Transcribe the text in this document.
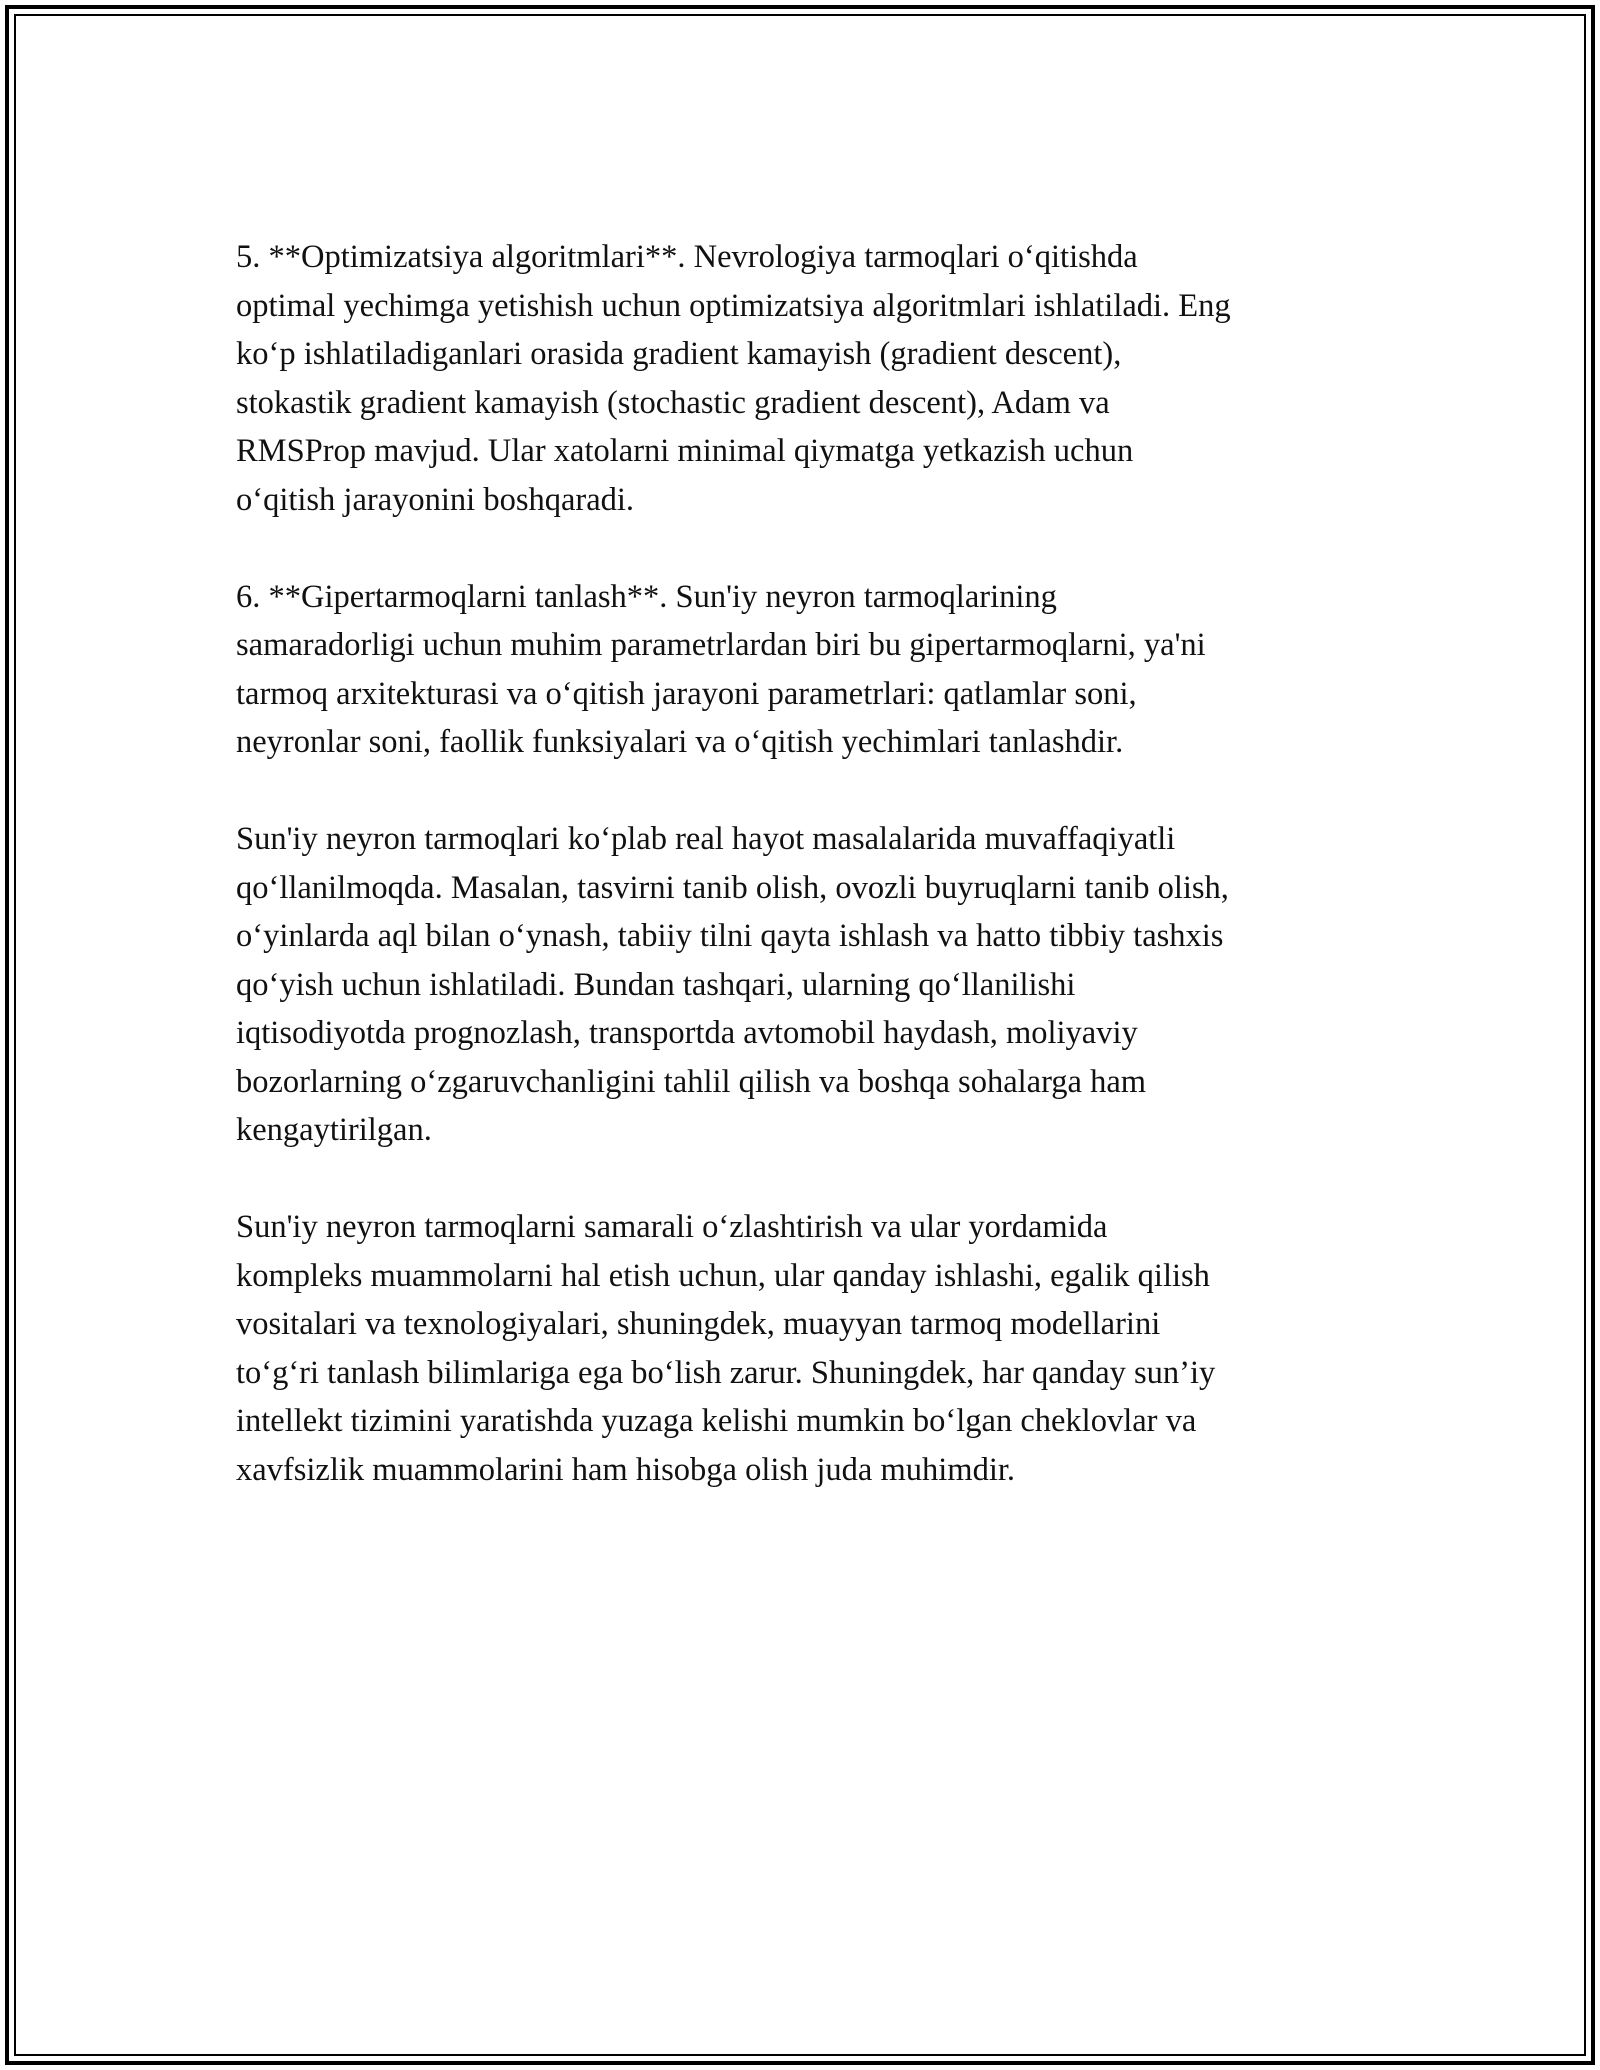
5. **Optimizatsiya algoritmlari**. Nevrologiya tarmoqlari o‘qitishda
optimal yechimga yetishish uchun optimizatsiya algoritmlari ishlatiladi. Eng
ko‘p ishlatiladiganlari orasida gradient kamayish (gradient descent),
stokastik gradient kamayish (stochastic gradient descent), Adam va
RMSProp mavjud. Ular xatolarni minimal qiymatga yetkazish uchun
o‘qitish jarayonini boshqaradi.

6. **Gipertarmoqlarni tanlash**. Sun'iy neyron tarmoqlarining
samaradorligi uchun muhim parametrlardan biri bu gipertarmoqlarni, ya'ni
tarmoq arxitekturasi va o‘qitish jarayoni parametrlari: qatlamlar soni,
neyronlar soni, faollik funksiyalari va o‘qitish yechimlari tanlashdir.

Sun'iy neyron tarmoqlari ko‘plab real hayot masalalarida muvaffaqiyatli
qo‘llanilmoqda. Masalan, tasvirni tanib olish, ovozli buyruqlarni tanib olish,
o‘yinlarda aql bilan o‘ynash, tabiiy tilni qayta ishlash va hatto tibbiy tashxis
qo‘yish uchun ishlatiladi. Bundan tashqari, ularning qo‘llanilishi
iqtisodiyotda prognozlash, transportda avtomobil haydash, moliyaviy
bozorlarning o‘zgaruvchanligini tahlil qilish va boshqa sohalarga ham
kengaytirilgan.

Sun'iy neyron tarmoqlarni samarali o‘zlashtirish va ular yordamida
kompleks muammolarni hal etish uchun, ular qanday ishlashi, egalik qilish
vositalari va texnologiyalari, shuningdek, muayyan tarmoq modellarini
to‘g‘ri tanlash bilimlariga ega bo‘lish zarur. Shuningdek, har qanday sun’iy
intellekt tizimini yaratishda yuzaga kelishi mumkin bo‘lgan cheklovlar va
xavfsizlik muammolarini ham hisobga olish juda muhimdir.
